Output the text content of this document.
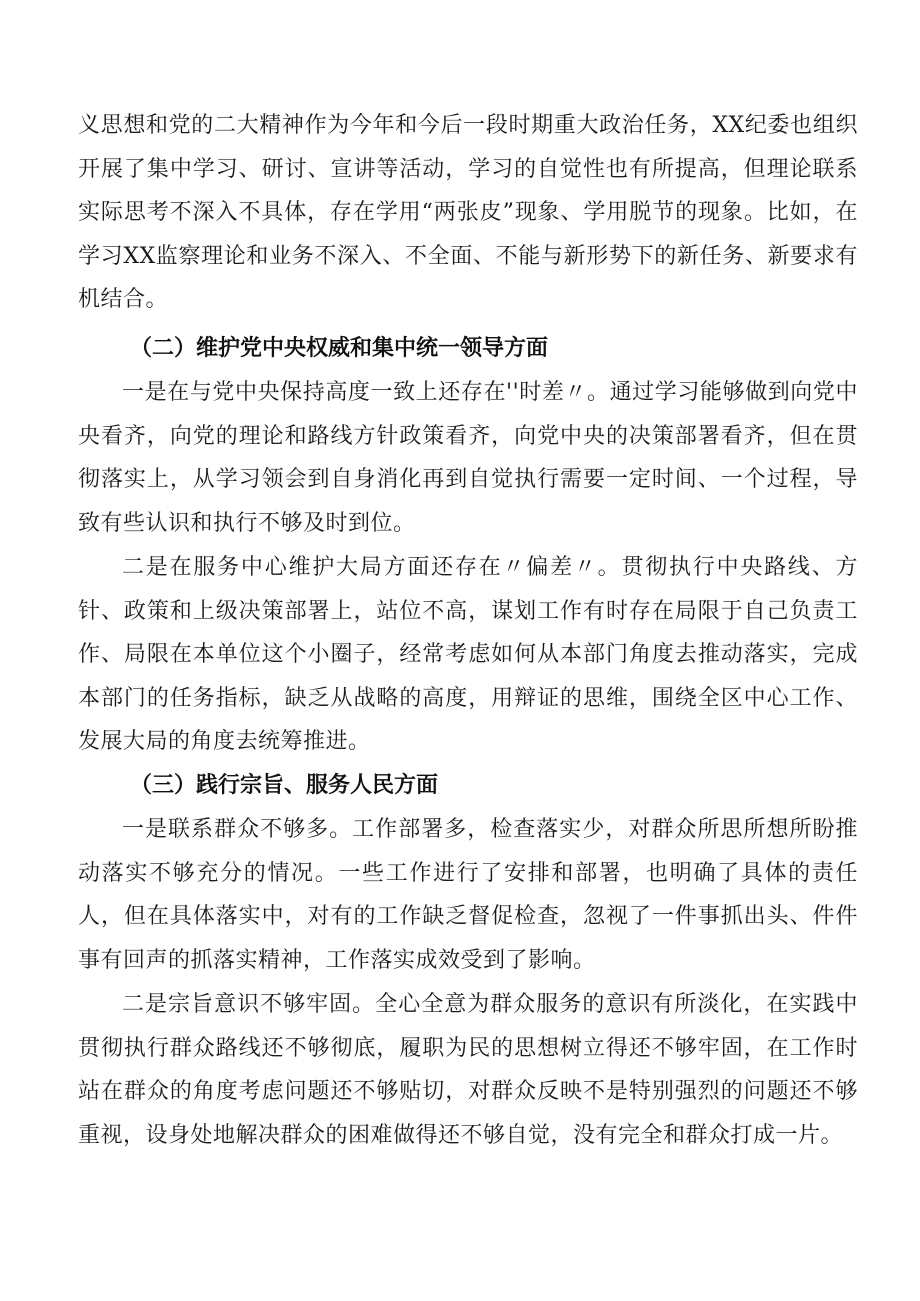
义思想和党的二大精神作为今年和今后一段时期重大政治任务，XX纪委也组织开展了集中学习、研讨、宣讲等活动，学习的自觉性也有所提高，但理论联系实际思考不深入不具体，存在学用“两张皮”现象、学用脱节的现象。比如，在学习XX监察理论和业务不深入、不全面、不能与新形势下的新任务、新要求有机结合。

（二）维护党中央权威和集中统一领导方面

一是在与党中央保持高度一致上还存在''时差〃。通过学习能够做到向党中央看齐，向党的理论和路线方针政策看齐，向党中央的决策部署看齐，但在贯彻落实上，从学习领会到自身消化再到自觉执行需要一定时间、一个过程，导致有些认识和执行不够及时到位。

二是在服务中心维护大局方面还存在〃偏差〃。贯彻执行中央路线、方针、政策和上级决策部署上，站位不高，谋划工作有时存在局限于自己负责工作、局限在本单位这个小圈子，经常考虑如何从本部门角度去推动落实，完成本部门的任务指标，缺乏从战略的高度，用辩证的思维，围绕全区中心工作、发展大局的角度去统筹推进。

（三）践行宗旨、服务人民方面

一是联系群众不够多。工作部署多，检查落实少，对群众所思所想所盼推动落实不够充分的情况。一些工作进行了安排和部署，也明确了具体的责任人，但在具体落实中，对有的工作缺乏督促检查，忽视了一件事抓出头、件件事有回声的抓落实精神，工作落实成效受到了影响。

二是宗旨意识不够牢固。全心全意为群众服务的意识有所淡化，在实践中贯彻执行群众路线还不够彻底，履职为民的思想树立得还不够牢固，在工作时站在群众的角度考虑问题还不够贴切，对群众反映不是特别强烈的问题还不够重视，设身处地解决群众的困难做得还不够自觉，没有完全和群众打成一片。
